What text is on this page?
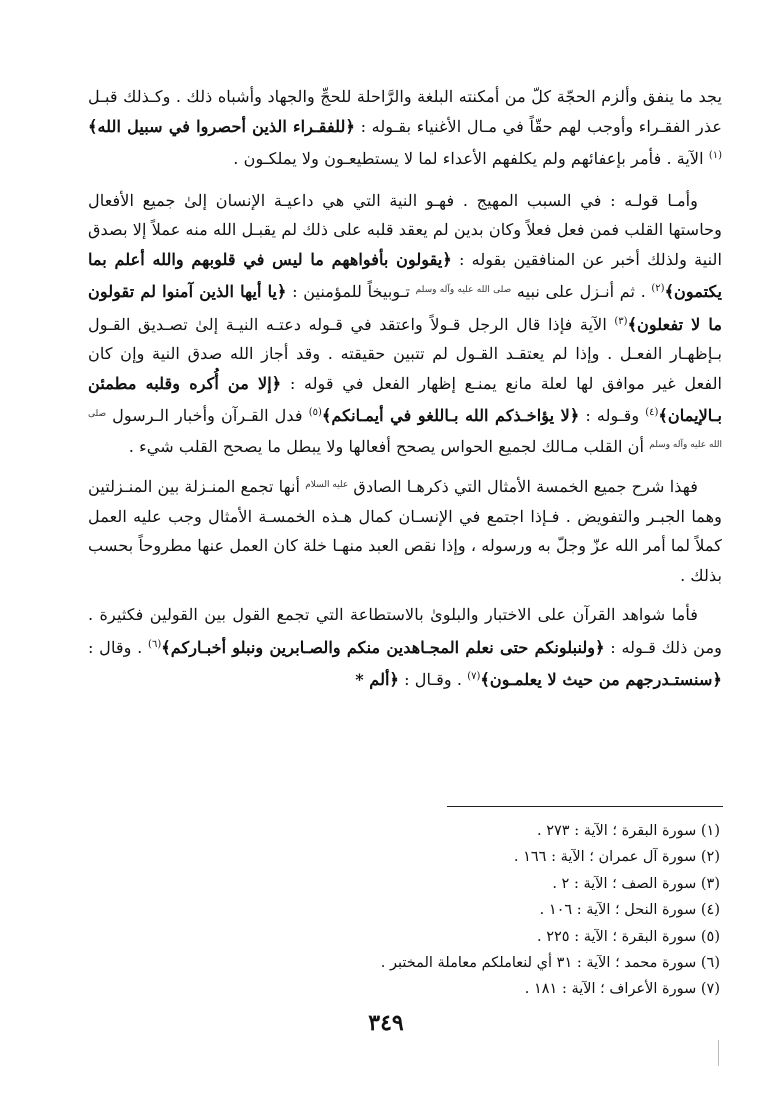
يجد ما ينفق وألزم الحجّة كلّ من أمكنته البلغة والرَّاحلة للحجِّ والجهاد وأشباه ذلك . وكـذلك قبـل عذر الفقـراء وأوجب لهم حقّاً في مـال الأغنياء بقـوله : ﴿للفقـراء الذين أحصروا في سبيل الله﴾$^{(١)}$ الآية . فأمر بإعفائهم ولم يكلفهم الأعداء لما لا يستطيعـون ولا يملكـون .

وأمـا قولـه : في السبب المهيج . فهـو النية التي هي داعيـة الإنسان إلىٰ جميع الأفعال وحاستها القلب فمن فعل فعلاً وكان بدين لم يعقد قلبه على ذلك لم يقبـل الله منه عملاً إلا بصدق النية ولذلك أخبر عن المنافقين بقوله : ﴿يقولون بأفواههم ما ليس في قلوبهم والله أعلم بما يكتمون﴾$^{(٢)}$ . ثم أنـزل على نبيه $^{صلى الله عليه وآله وسلم}$ تـوبيخاً للمؤمنين : ﴿يا أيها الذين آمنوا لم تقولون ما لا تفعلون﴾$^{(٣)}$ الآية فإذا قال الرجل قـولاً واعتقد في قـوله دعتـه النيـة إلىٰ تصـديق القـول بـإظهـار الفعـل . وإذا لم يعتقـد القـول لم تتبين حقيقته . وقد أجاز الله صدق النية وإن كان الفعل غير موافق لها لعلة مانع يمنـع إظهار الفعل في قوله : ﴿إلا من أُكره وقلبه مطمئن بـالإيمان﴾$^{(٤)}$ وقـوله : ﴿لا يؤاخـذكم الله بـاللغو في أيمـانكم﴾$^{(٥)}$ فدل القـرآن وأخبار الـرسول $^{صلى الله عليه وآله وسلم}$ أن القلب مـالك لجميع الحواس يصحح أفعالها ولا يبطل ما يصحح القلب شيء .

فهذا شرح جميع الخمسة الأمثال التي ذكرهـا الصادق $^{عليه السلام}$ أنها تجمع المنـزلة بين المنـزلتين وهما الجبـر والتفويض . فـإذا اجتمع في الإنسـان كمال هـذه الخمسـة الأمثال وجب عليه العمل كملاً لما أمر الله عزّ وجلّ به ورسوله ، وإذا نقص العبد منهـا خلة كان العمل عنها مطروحاً بحسب بذلك .

فأما شواهد القرآن على الاختبار والبلوىٰ بالاستطاعة التي تجمع القول بين القولين فكثيرة . ومن ذلك قـوله : ﴿ولنبلونكم حتى نعلم المجـاهدين منكم والصـابرين ونبلو أخبـاركم﴾$^{(٦)}$ . وقال : ﴿سنستـدرجهم من حيث لا يعلمـون﴾$^{(٧)}$ . وقـال : ﴿ألم *

(١) سورة البقرة ؛ الآية : ٢٧٣ .
(٢) سورة آل عمران ؛ الآية : ١٦٦ .
(٣) سورة الصف ؛ الآية : ٢ .
(٤) سورة النحل ؛ الآية : ١٠٦ .
(٥) سورة البقرة ؛ الآية : ٢٢٥ .
(٦) سورة محمد ؛ الآية : ٣١ أي لنعاملكم معاملة المختبر .
(٧) سورة الأعراف ؛ الآية : ١٨١ .
٣٤٩
